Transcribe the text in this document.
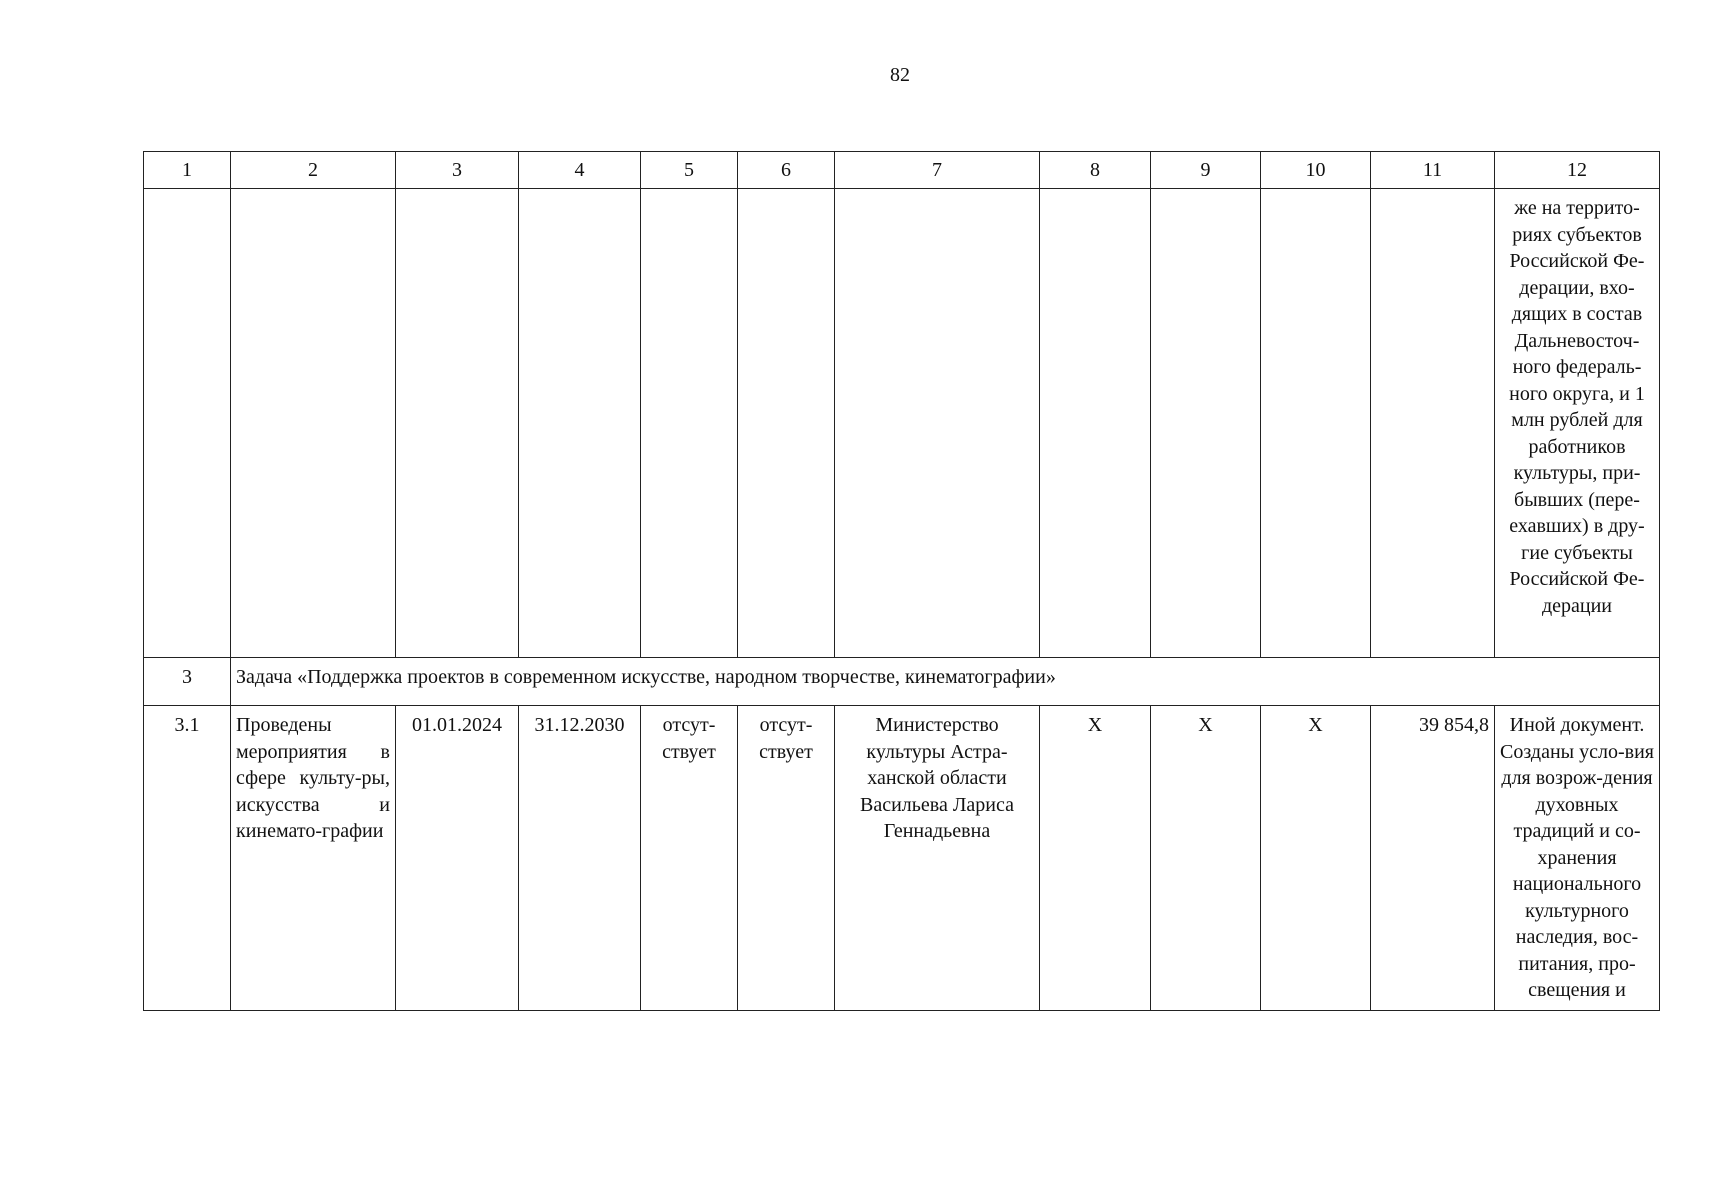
82
1	2	3	4	5	6	7	8	9	10	11	12
											же на террито-риях субъектов Российской Фе-дерации, вхо-дящих в состав Дальневосточ-ного федераль-ного округа, и 1 млн рублей для работников культуры, при-бывших (пере-ехавших) в дру-гие субъекты Российской Фе-дерации
3	Задача «Поддержка проектов в современном искусстве, народном творчестве, кинематографии»										
3.1	Проведены мероприятия в сфере культу-ры, искусства и кинемато-графии	01.01.2024	31.12.2030	отсут-ствует	отсут-ствует	Министерство культуры Астра-ханской области Васильева Лариса Геннадьевна	X	X	X	39 854,8	Иной документ. Созданы усло-вия для возрож-дения духовных традиций и со-хранения национального культурного наследия, вос-питания, про-свещения и
